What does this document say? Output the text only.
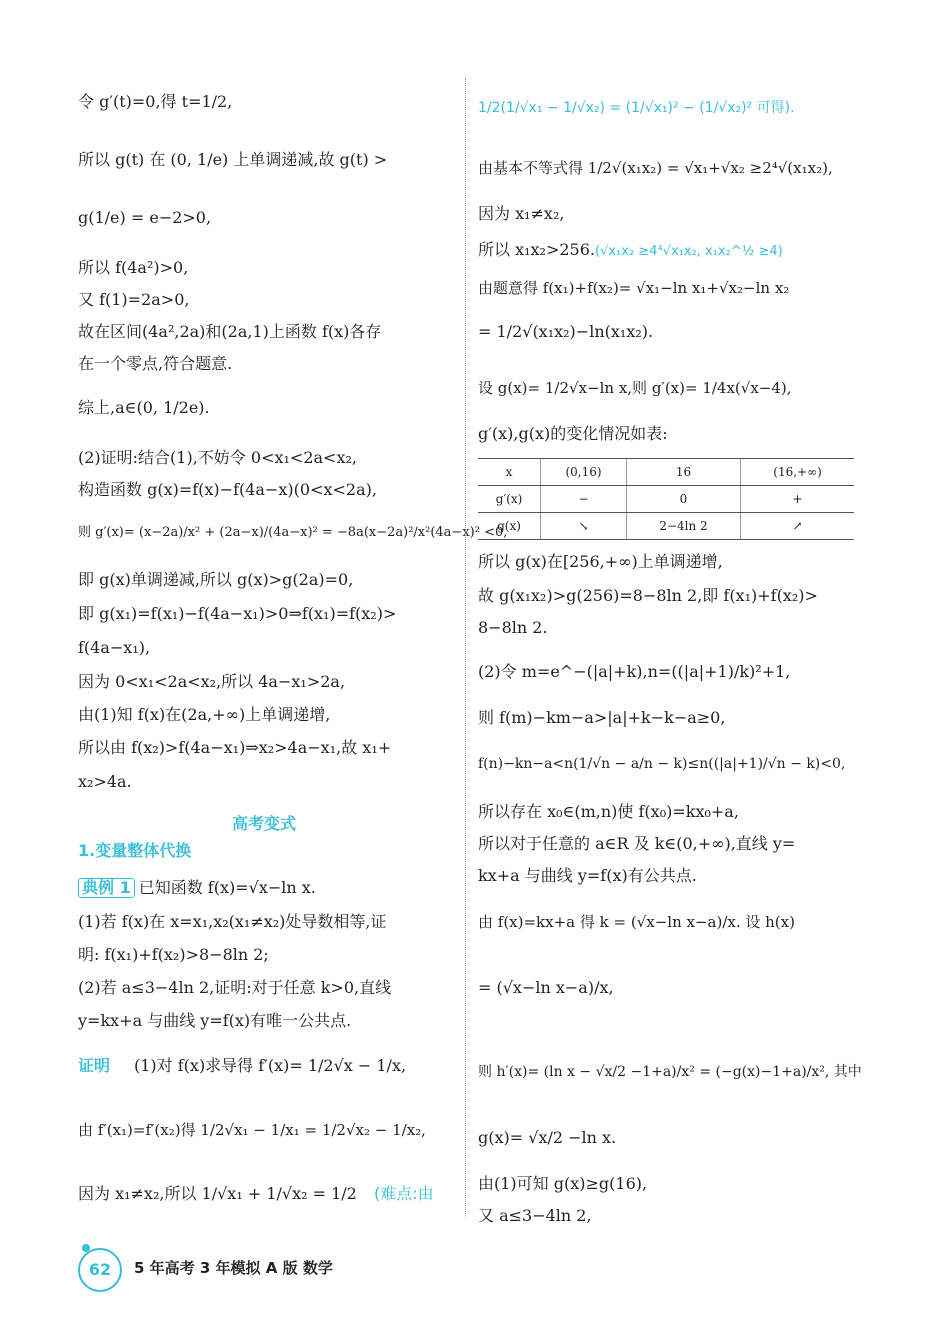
令 g′(t)=0,得 t=1/2,
所以 g(t) 在 (0, 1/e) 上单调递减,故 g(t) >
g(1/e) = e−2>0,
所以 f(4a²)>0,
又 f(1)=2a>0,
故在区间(4a²,2a)和(2a,1)上函数 f(x)各存
在一个零点,符合题意.
综上,a∈(0, 1/2e).
(2)证明:结合(1),不妨令 0<x₁<2a<x₂,
构造函数 g(x)=f(x)−f(4a−x)(0<x<2a),
则 g′(x)= (x−2a)/x² + (2a−x)/(4a−x)² = −8a(x−2a)²/x²(4a−x)² <0,
即 g(x)单调递减,所以 g(x)>g(2a)=0,
即 g(x₁)=f(x₁)−f(4a−x₁)>0⇒f(x₁)=f(x₂)>
f(4a−x₁),
因为 0<x₁<2a<x₂,所以 4a−x₁>2a,
由(1)知 f(x)在(2a,+∞)上单调递增,
所以由 f(x₂)>f(4a−x₁)⇒x₂>4a−x₁,故 x₁+
x₂>4a.
高考变式
1.变量整体代换
典例 1 已知函数 f(x)=√x−ln x.
(1)若 f(x)在 x=x₁,x₂(x₁≠x₂)处导数相等,证
明: f(x₁)+f(x₂)>8−8ln 2;
(2)若 a≤3−4ln 2,证明:对于任意 k>0,直线
y=kx+a 与曲线 y=f(x)有唯一公共点.
证明 (1)对 f(x)求导得 f′(x)= 1/2√x − 1/x,
由 f′(x₁)=f′(x₂)得 1/2√x₁ − 1/x₁ = 1/2√x₂ − 1/x₂,
因为 x₁≠x₂,所以 1/√x₁ + 1/√x₂ = 1/2 (难点:由
1/2(1/√x₁ − 1/√x₂) = (1/√x₁)² − (1/√x₂)² 可得).
由基本不等式得 1/2√(x₁x₂) = √x₁+√x₂ ≥2⁴√(x₁x₂),
因为 x₁≠x₂,
所以 x₁x₂>256.(√x₁x₂ ≥4⁴√x₁x₂, x₁x₂^½ ≥4)
由题意得 f(x₁)+f(x₂)= √x₁−ln x₁+√x₂−ln x₂
= 1/2√(x₁x₂)−ln(x₁x₂).
设 g(x)= 1/2√x−ln x,则 g′(x)= 1/4x(√x−4),
g′(x),g(x)的变化情况如表:
x	(0,16)	16	(16,+∞)
g′(x)	−	0	+
g(x)	↘	2−4ln 2	↗
所以 g(x)在[256,+∞)上单调递增,
故 g(x₁x₂)>g(256)=8−8ln 2,即 f(x₁)+f(x₂)>
8−8ln 2.
(2)令 m=e^−(|a|+k),n=((|a|+1)/k)²+1,
则 f(m)−km−a>|a|+k−k−a≥0,
f(n)−kn−a<n(1/√n − a/n − k)≤n((|a|+1)/√n − k)<0,
所以存在 x₀∈(m,n)使 f(x₀)=kx₀+a,
所以对于任意的 a∈R 及 k∈(0,+∞),直线 y=
kx+a 与曲线 y=f(x)有公共点.
由 f(x)=kx+a 得 k = (√x−ln x−a)/x. 设 h(x)
= (√x−ln x−a)/x,
则 h′(x)= (ln x − √x/2 −1+a)/x² = (−g(x)−1+a)/x², 其中
g(x)= √x/2 −ln x.
由(1)可知 g(x)≥g(16),
又 a≤3−4ln 2,
62	5 年高考 3 年模拟 A 版 数学
